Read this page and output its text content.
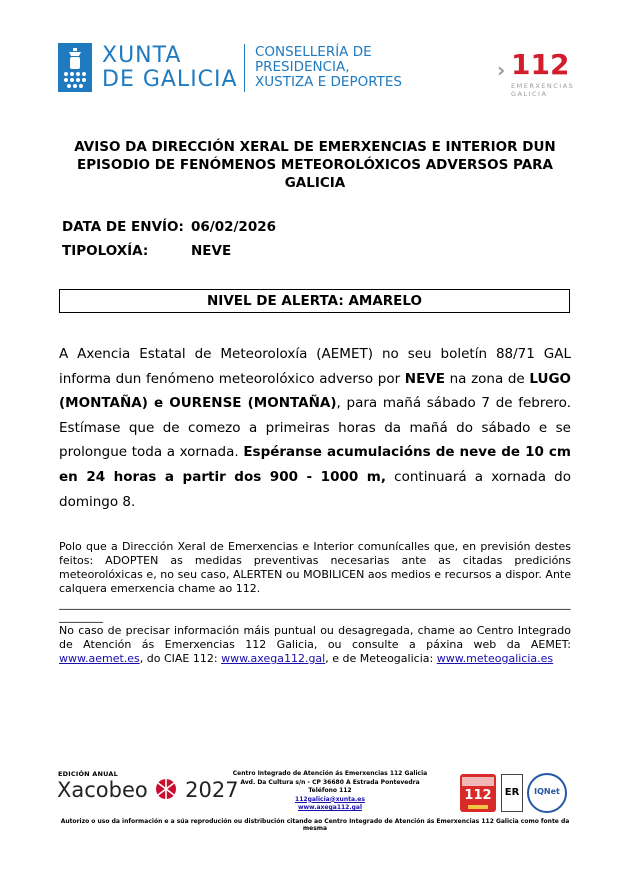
XUNTA
DE GALICIA
CONSELLERÍA DE
PRESIDENCIA,
XUSTIZA E DEPORTES	› 112
EMERXENCIAS
GALICIA
AVISO DA DIRECCIÓN XERAL DE EMERXENCIAS E INTERIOR DUN
EPISODIO DE FENÓMENOS METEOROLÓXICOS ADVERSOS PARA
GALICIA
DATA DE ENVÍO: 06/02/2026
TIPOLOXÍA:	NEVE
NIVEL DE ALERTA: AMARELO
A Axencia Estatal de Meteoroloxía (AEMET) no seu boletín 88/71 GAL informa dun fenómeno meteorolóxico adverso por NEVE na zona de LUGO (MONTAÑA) e OURENSE (MONTAÑA), para mañá sábado 7 de febrero. Estímase que de comezo a primeiras horas da mañá do sábado e se prolongue toda a xornada. Espéranse acumulacións de neve de 10 cm en 24 horas a partir dos 900 - 1000 m, continuará a xornada do domingo 8.
Polo que a Dirección Xeral de Emerxencias e Interior comunícalles que, en previsión destes feitos: ADOPTEN as medidas preventivas necesarias ante as citadas predicións meteorolóxicas e, no seu caso, ALERTEN ou MOBILICEN aos medios e recursos a dispor. Ante calquera emerxencia chame ao 112.
_____________________________________________________________________________________________
________
No caso de precisar información máis puntual ou desagregada, chame ao Centro Integrado de Atención ás Emerxencias 112 Galicia, ou consulte a páxina web da AEMET: www.aemet.es, do CIAE 112: www.axega112.gal, e de Meteogalicia: www.meteogalicia.es
EDICIÓN ANUAL
Xacobeo 2027
Centro Integrado de Atención ás Emerxencias 112 Galicia
Avd. Da Cultura s/n - CP 36680 A Estrada Pontevedra
Teléfono 112
112galicia@xunta.es
www.axega112.gal
112	ER	IQNet
Autorizo o uso da información e a súa reprodución ou distribución citando ao Centro Integrado de Atención ás Emerxencias 112 Galicia como fonte da mesma
